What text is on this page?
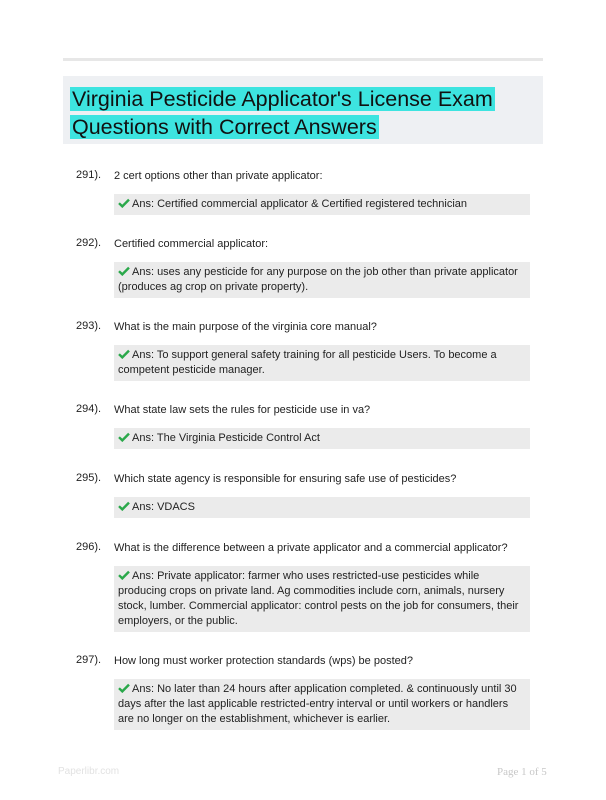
Virginia Pesticide Applicator's License Exam Questions with Correct Answers
291). 2 cert options other than private applicator:
Ans: Certified commercial applicator & Certified registered technician
292). Certified commercial applicator:
Ans: uses any pesticide for any purpose on the job other than private applicator (produces ag crop on private property).
293). What is the main purpose of the virginia core manual?
Ans: To support general safety training for all pesticide Users. To become a competent pesticide manager.
294). What state law sets the rules for pesticide use in va?
Ans: The Virginia Pesticide Control Act
295). Which state agency is responsible for ensuring safe use of pesticides?
Ans: VDACS
296). What is the difference between a private applicator and a commercial applicator?
Ans: Private applicator: farmer who uses restricted-use pesticides while producing crops on private land. Ag commodities include corn, animals, nursery stock, lumber. Commercial applicator: control pests on the job for consumers, their employers, or the public.
297). How long must worker protection standards (wps) be posted?
Ans: No later than 24 hours after application completed. & continuously until 30 days after the last applicable restricted-entry interval or until workers or handlers are no longer on the establishment, whichever is earlier.
Paperlibr.com	Page 1 of 5
